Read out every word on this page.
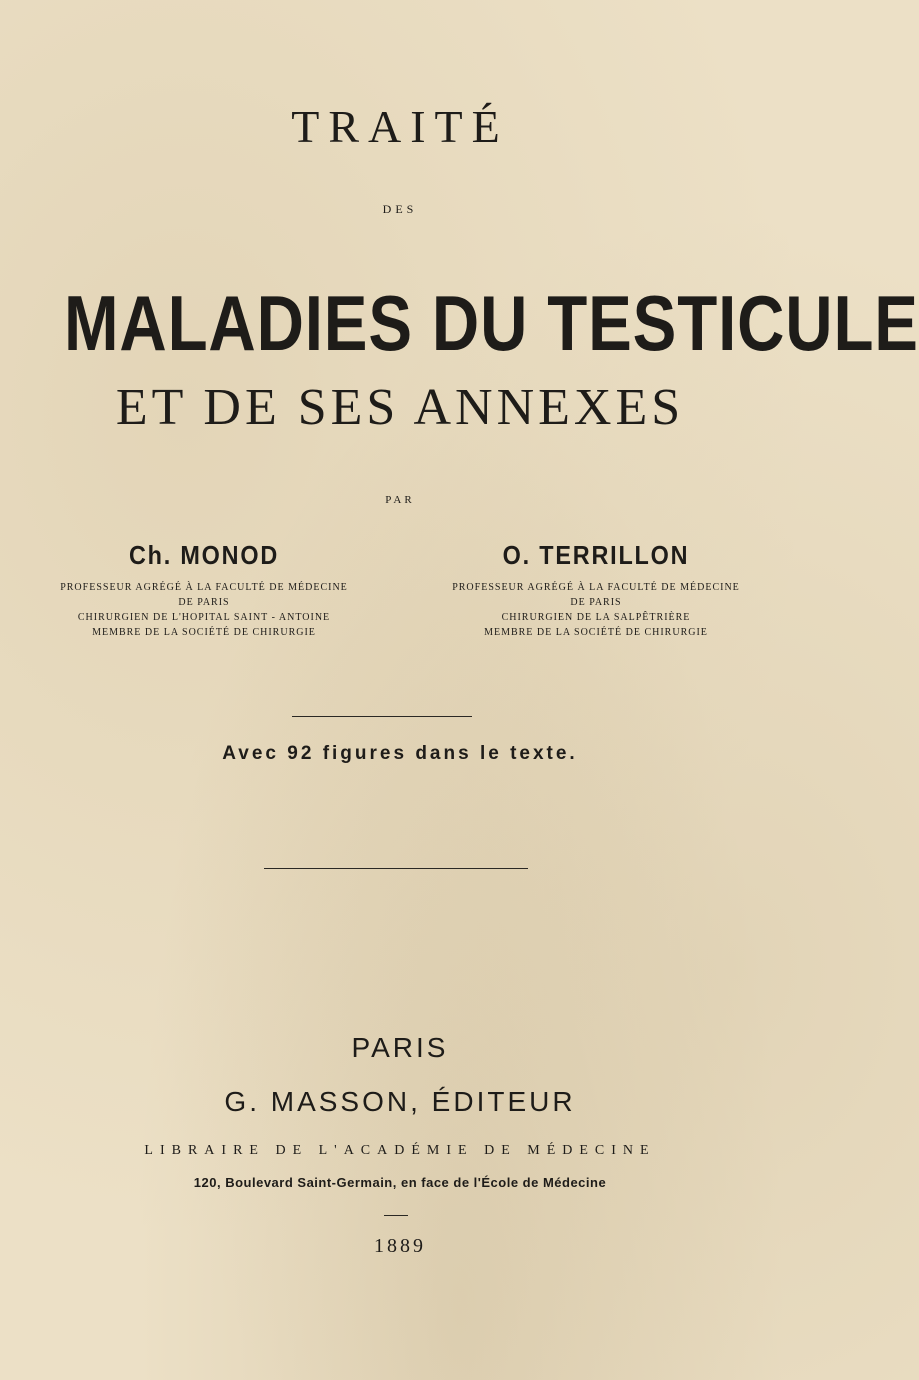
TRAITÉ
DES
MALADIES DU TESTICULE
ET DE SES ANNEXES
PAR
Ch. MONOD
PROFESSEUR AGRÉGÉ À LA FACULTÉ DE MÉDECINE
DE PARIS
CHIRURGIEN DE L'HOPITAL SAINT - ANTOINE
MEMBRE DE LA SOCIÉTÉ DE CHIRURGIE
O. TERRILLON
PROFESSEUR AGRÉGÉ À LA FACULTÉ DE MÉDECINE
DE PARIS
CHIRURGIEN DE LA SALPÊTRIÈRE
MEMBRE DE LA SOCIÉTÉ DE CHIRURGIE
Avec 92 figures dans le texte.
PARIS
G. MASSON, ÉDITEUR
LIBRAIRE DE L'ACADÉMIE DE MÉDECINE
120, Boulevard Saint-Germain, en face de l'École de Médecine
1889
